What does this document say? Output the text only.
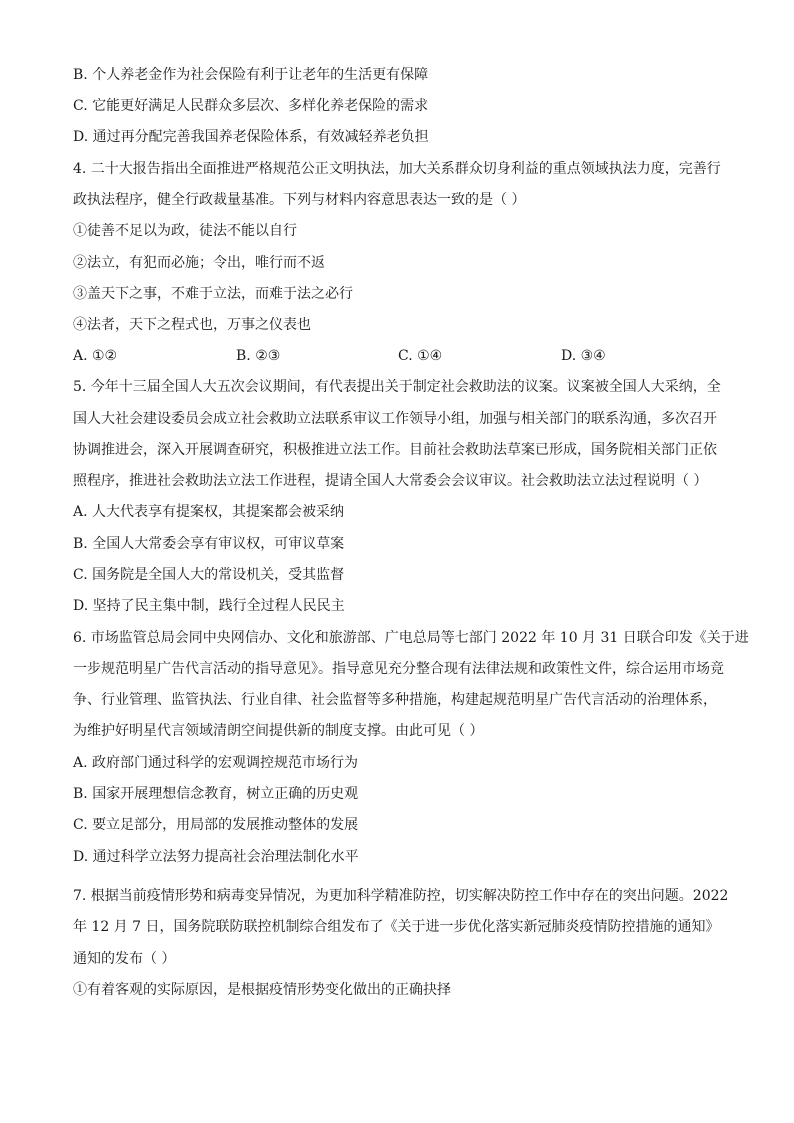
B. 个人养老金作为社会保险有利于让老年的生活更有保障
C. 它能更好满足人民群众多层次、多样化养老保险的需求
D. 通过再分配完善我国养老保险体系，有效减轻养老负担
4. 二十大报告指出全面推进严格规范公正文明执法，加大关系群众切身利益的重点领域执法力度，完善行
政执法程序，健全行政裁量基准。下列与材料内容意思表达一致的是（ ）
①徒善不足以为政，徒法不能以自行
②法立，有犯而必施；令出，唯行而不返
③盖天下之事，不难于立法，而难于法之必行
④法者，天下之程式也，万事之仪表也
A. ①②	B. ②③	C. ①④	D. ③④
5. 今年十三届全国人大五次会议期间，有代表提出关于制定社会救助法的议案。议案被全国人大采纳，全
国人大社会建设委员会成立社会救助立法联系审议工作领导小组，加强与相关部门的联系沟通，多次召开
协调推进会，深入开展调查研究，积极推进立法工作。目前社会救助法草案已形成，国务院相关部门正依
照程序，推进社会救助法立法工作进程，提请全国人大常委会会议审议。社会救助法立法过程说明（ ）
A. 人大代表享有提案权，其提案都会被采纳
B. 全国人大常委会享有审议权，可审议草案
C. 国务院是全国人大的常设机关，受其监督
D. 坚持了民主集中制，践行全过程人民民主
6. 市场监管总局会同中央网信办、文化和旅游部、广电总局等七部门 2022 年 10 月 31 日联合印发《关于进
一步规范明星广告代言活动的指导意见》。指导意见充分整合现有法律法规和政策性文件，综合运用市场竞
争、行业管理、监管执法、行业自律、社会监督等多种措施，构建起规范明星广告代言活动的治理体系，
为维护好明星代言领域清朗空间提供新的制度支撑。由此可见（ ）
A. 政府部门通过科学的宏观调控规范市场行为
B. 国家开展理想信念教育，树立正确的历史观
C. 要立足部分，用局部的发展推动整体的发展
D. 通过科学立法努力提高社会治理法制化水平
7. 根据当前疫情形势和病毒变异情况，为更加科学精准防控，切实解决防控工作中存在的突出问题。2022
年 12 月 7 日，国务院联防联控机制综合组发布了《关于进一步优化落实新冠肺炎疫情防控措施的通知》
通知的发布（ ）
①有着客观的实际原因，是根据疫情形势变化做出的正确抉择
